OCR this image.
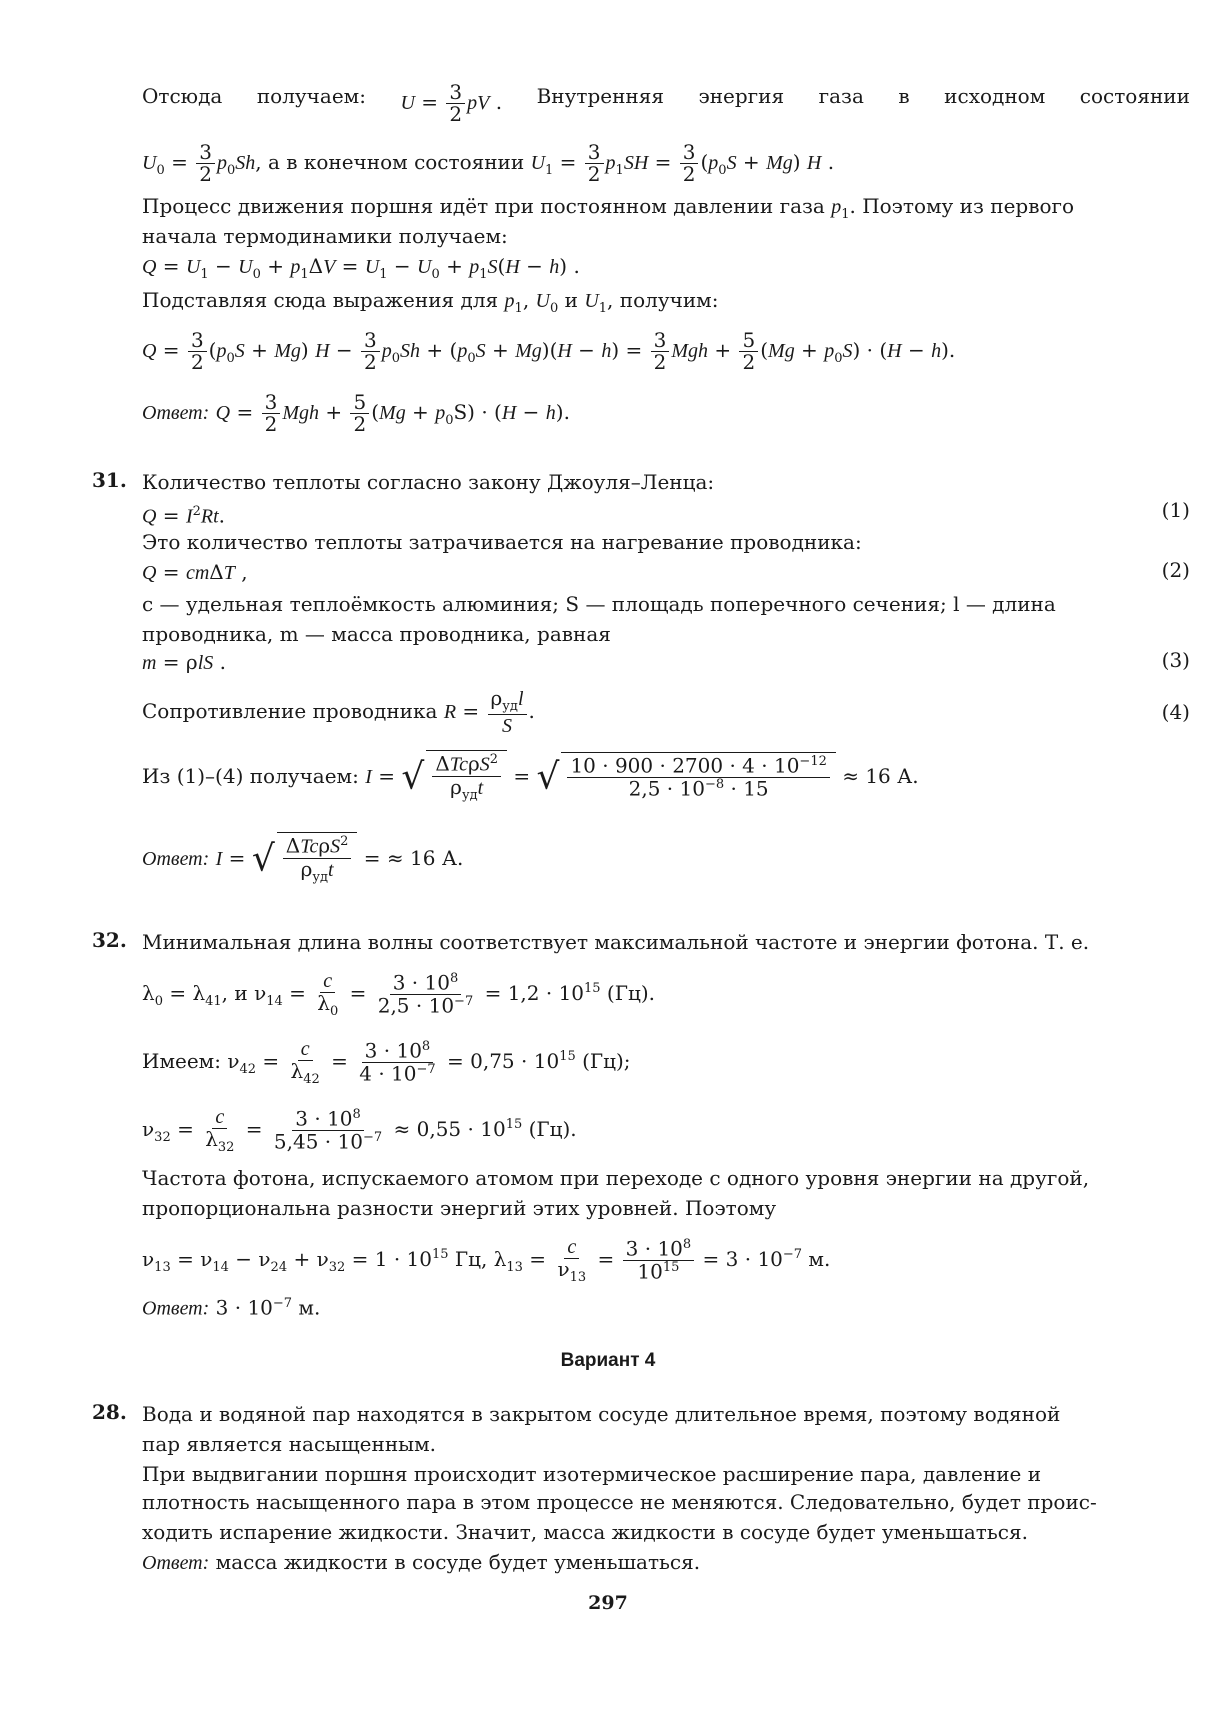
Отсюда получаем: $U = \frac{3}{2}$ pV . Внутренняя энергия газа в исходном состоянии
$U_0 = \frac{3}{2} p_0Sh$, а в конечном состоянии $U_1 = \frac{3}{2} p_1SH = \frac{3}{2} (p_0S + Mg)$ H .
Процесс движения поршня идёт при постоянном давлении газа $p_1$. Поэтому из первого
начала термодинамики получаем:
$Q = U_1 - U_0 + p_1\Delta V = U_1 - U_0 + p_1S(H - h)$ .
Подставляя сюда выражения для $p_1$, $U_0$ и $U_1$, получим:
$Q = \frac{3}{2} (p_0S + Mg) H - \frac{3}{2} p_0Sh + (p_0S + Mg)(H - h) = \frac{3}{2}$ Mgh + $\frac{5}{2} (Mg + p_0S) \cdot (H - h)$.
Ответ: $Q = \frac{3}{2}$ Mgh + $\frac{5}{2} (Mg + p_0S) \cdot (H - h)$.
31. Количество теплоты согласно закону Джоуля–Ленца:
$Q = I^2Rt$.	(1)
Это количество теплоты затрачивается на нагревание проводника:
Q = cmΔT ,	(2)
c — удельная теплоёмкость алюминия; S — площадь поперечного сечения; l — длина
проводника, m — масса проводника, равная
m = ρlS .	(3)
Сопротивление проводника $R = \frac{\rho_{уд}l}{S}$ .	(4)
Из (1)–(4) получаем: I = √ $\frac{\Delta Tc\rho S^2}{\rho_{уд}t}$ = √ $\frac{10 \cdot 900 \cdot 2700 \cdot 4 \cdot 10^{-12}}{2,5 \cdot 10^{-8} \cdot 15} \approx 16$ А.
Ответ: I = √ $\frac{\Delta Tc\rho S^2}{\rho_{уд}t}$ = ≈ 16 А.
32. Минимальная длина волны соответствует максимальной частоте и энергии фотона. Т. е.
$\lambda_0 = \lambda_{41}$, и $\nu_{14} = \frac{c}{\lambda_0} = \frac{3 \cdot 10^8}{2,5 \cdot 10^{-7}} = 1,2 \cdot 10^{15}$ (Гц).
Имеем: $\nu_{42} = \frac{c}{\lambda_{42}} = \frac{3 \cdot 10^8}{4 \cdot 10^{-7}} = 0,75 \cdot 10^{15}$ (Гц);
$\nu_{32} = \frac{c}{\lambda_{32}} = \frac{3 \cdot 10^8}{5,45 \cdot 10^{-7}} \approx 0,55 \cdot 10^{15}$ (Гц).
Частота фотона, испускаемого атомом при переходе с одного уровня энергии на другой,
пропорциональна разности энергий этих уровней. Поэтому
$\nu_{13} = \nu_{14} - \nu_{24} + \nu_{32} = 1 \cdot 10^{15}$ Гц, $\lambda_{13} = \frac{c}{\nu_{13}} = \frac{3 \cdot 10^8}{10^{15}} = 3 \cdot 10^{-7}$ м.
Ответ: $3 \cdot 10^{-7}$ м.
Вариант 4
28. Вода и водяной пар находятся в закрытом сосуде длительное время, поэтому водяной
пар является насыщенным.
При выдвигании поршня происходит изотермическое расширение пара, давление и
плотность насыщенного пара в этом процессе не меняются. Следовательно, будет проис-
ходить испарение жидкости. Значит, масса жидкости в сосуде будет уменьшаться.
Ответ: масса жидкости в сосуде будет уменьшаться.
297
